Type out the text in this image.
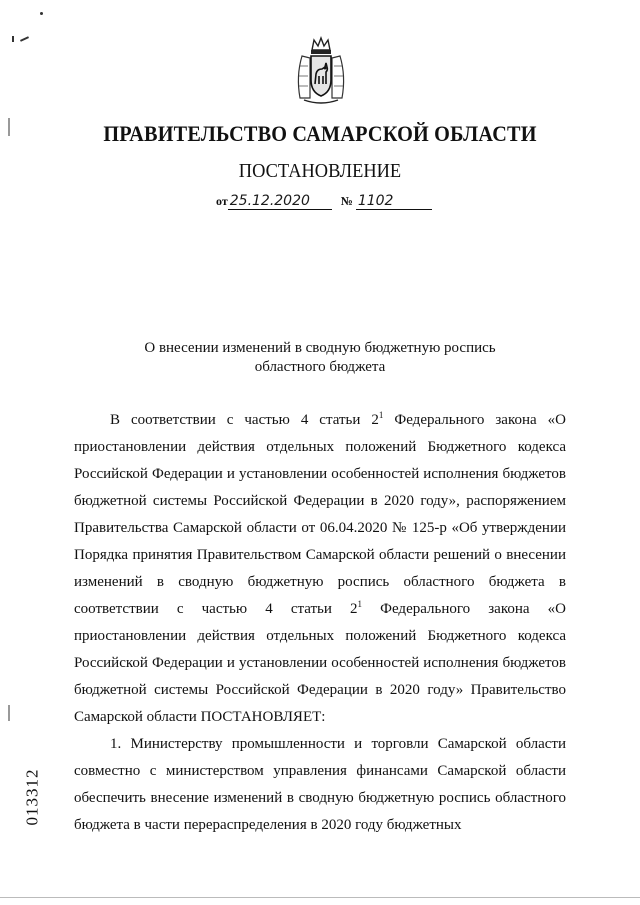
ПРАВИТЕЛЬСТВО САМАРСКОЙ ОБЛАСТИ
ПОСТАНОВЛЕНИЕ
от 25.12.2020	№ 1102
О внесении изменений в сводную бюджетную роспись
областного бюджета

В соответствии с частью 4 статьи $2^1$ Федерального закона «О приостановлении действия отдельных положений Бюджетного кодекса Российской Федерации и установлении особенностей исполнения бюджетов бюджетной системы Российской Федерации в 2020 году», распоряжением Правительства Самарской области от 06.04.2020 № 125-р «Об утверждении Порядка принятия Правительством Самарской области решений о внесении изменений в сводную бюджетную роспись областного бюджета в соответствии с частью 4 статьи $2^1$ Федерального закона «О приостановлении действия отдельных положений Бюджетного кодекса Российской Федерации и установлении особенностей исполнения бюджетов бюджетной системы Российской Федерации в 2020 году» Правительство Самарской области ПОСТАНОВЛЯЕТ:

1. Министерству промышленности и торговли Самарской области совместно с министерством управления финансами Самарской области обеспечить внесение изменений в сводную бюджетную роспись областного бюджета в части перераспределения в 2020 году бюджетных

013312
